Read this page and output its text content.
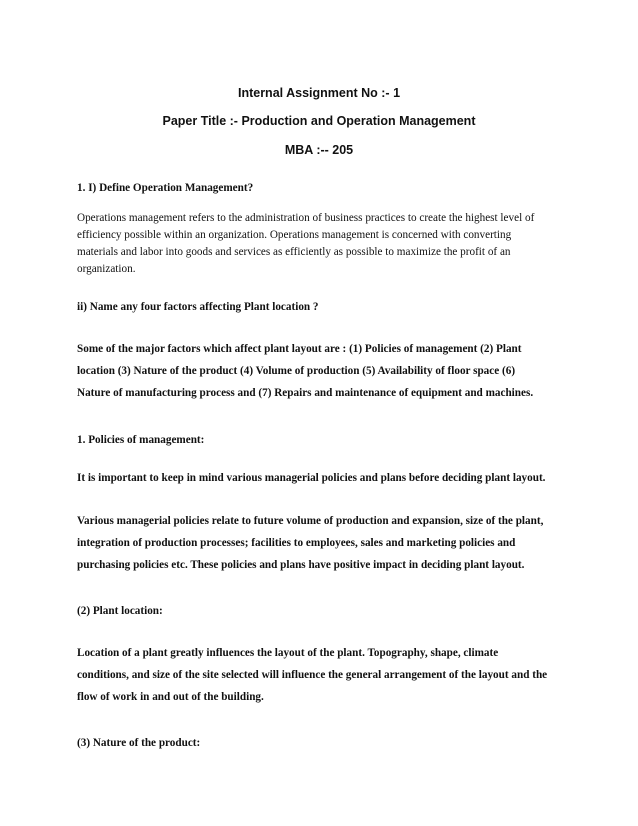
Internal Assignment No :- 1
Paper Title :- Production and Operation Management
MBA :-- 205
1. I) Define Operation Management?
Operations management refers to the administration of business practices to create the highest level of
efficiency possible within an organization. Operations management is concerned with converting
materials and labor into goods and services as efficiently as possible to maximize the profit of an
organization.
ii) Name any four factors affecting Plant location ?
Some of the major factors which affect plant layout are : (1) Policies of management (2) Plant
location (3) Nature of the product (4) Volume of production (5) Availability of floor space (6)
Nature of manufacturing process and (7) Repairs and maintenance of equipment and machines.
1. Policies of management:
It is important to keep in mind various managerial policies and plans before deciding plant layout.
Various managerial policies relate to future volume of production and expansion, size of the plant,
integration of production processes; facilities to employees, sales and marketing policies and
purchasing policies etc. These policies and plans have positive impact in deciding plant layout.
(2) Plant location:
Location of a plant greatly influences the layout of the plant. Topography, shape, climate
conditions, and size of the site selected will influence the general arrangement of the layout and the
flow of work in and out of the building.
(3) Nature of the product:
